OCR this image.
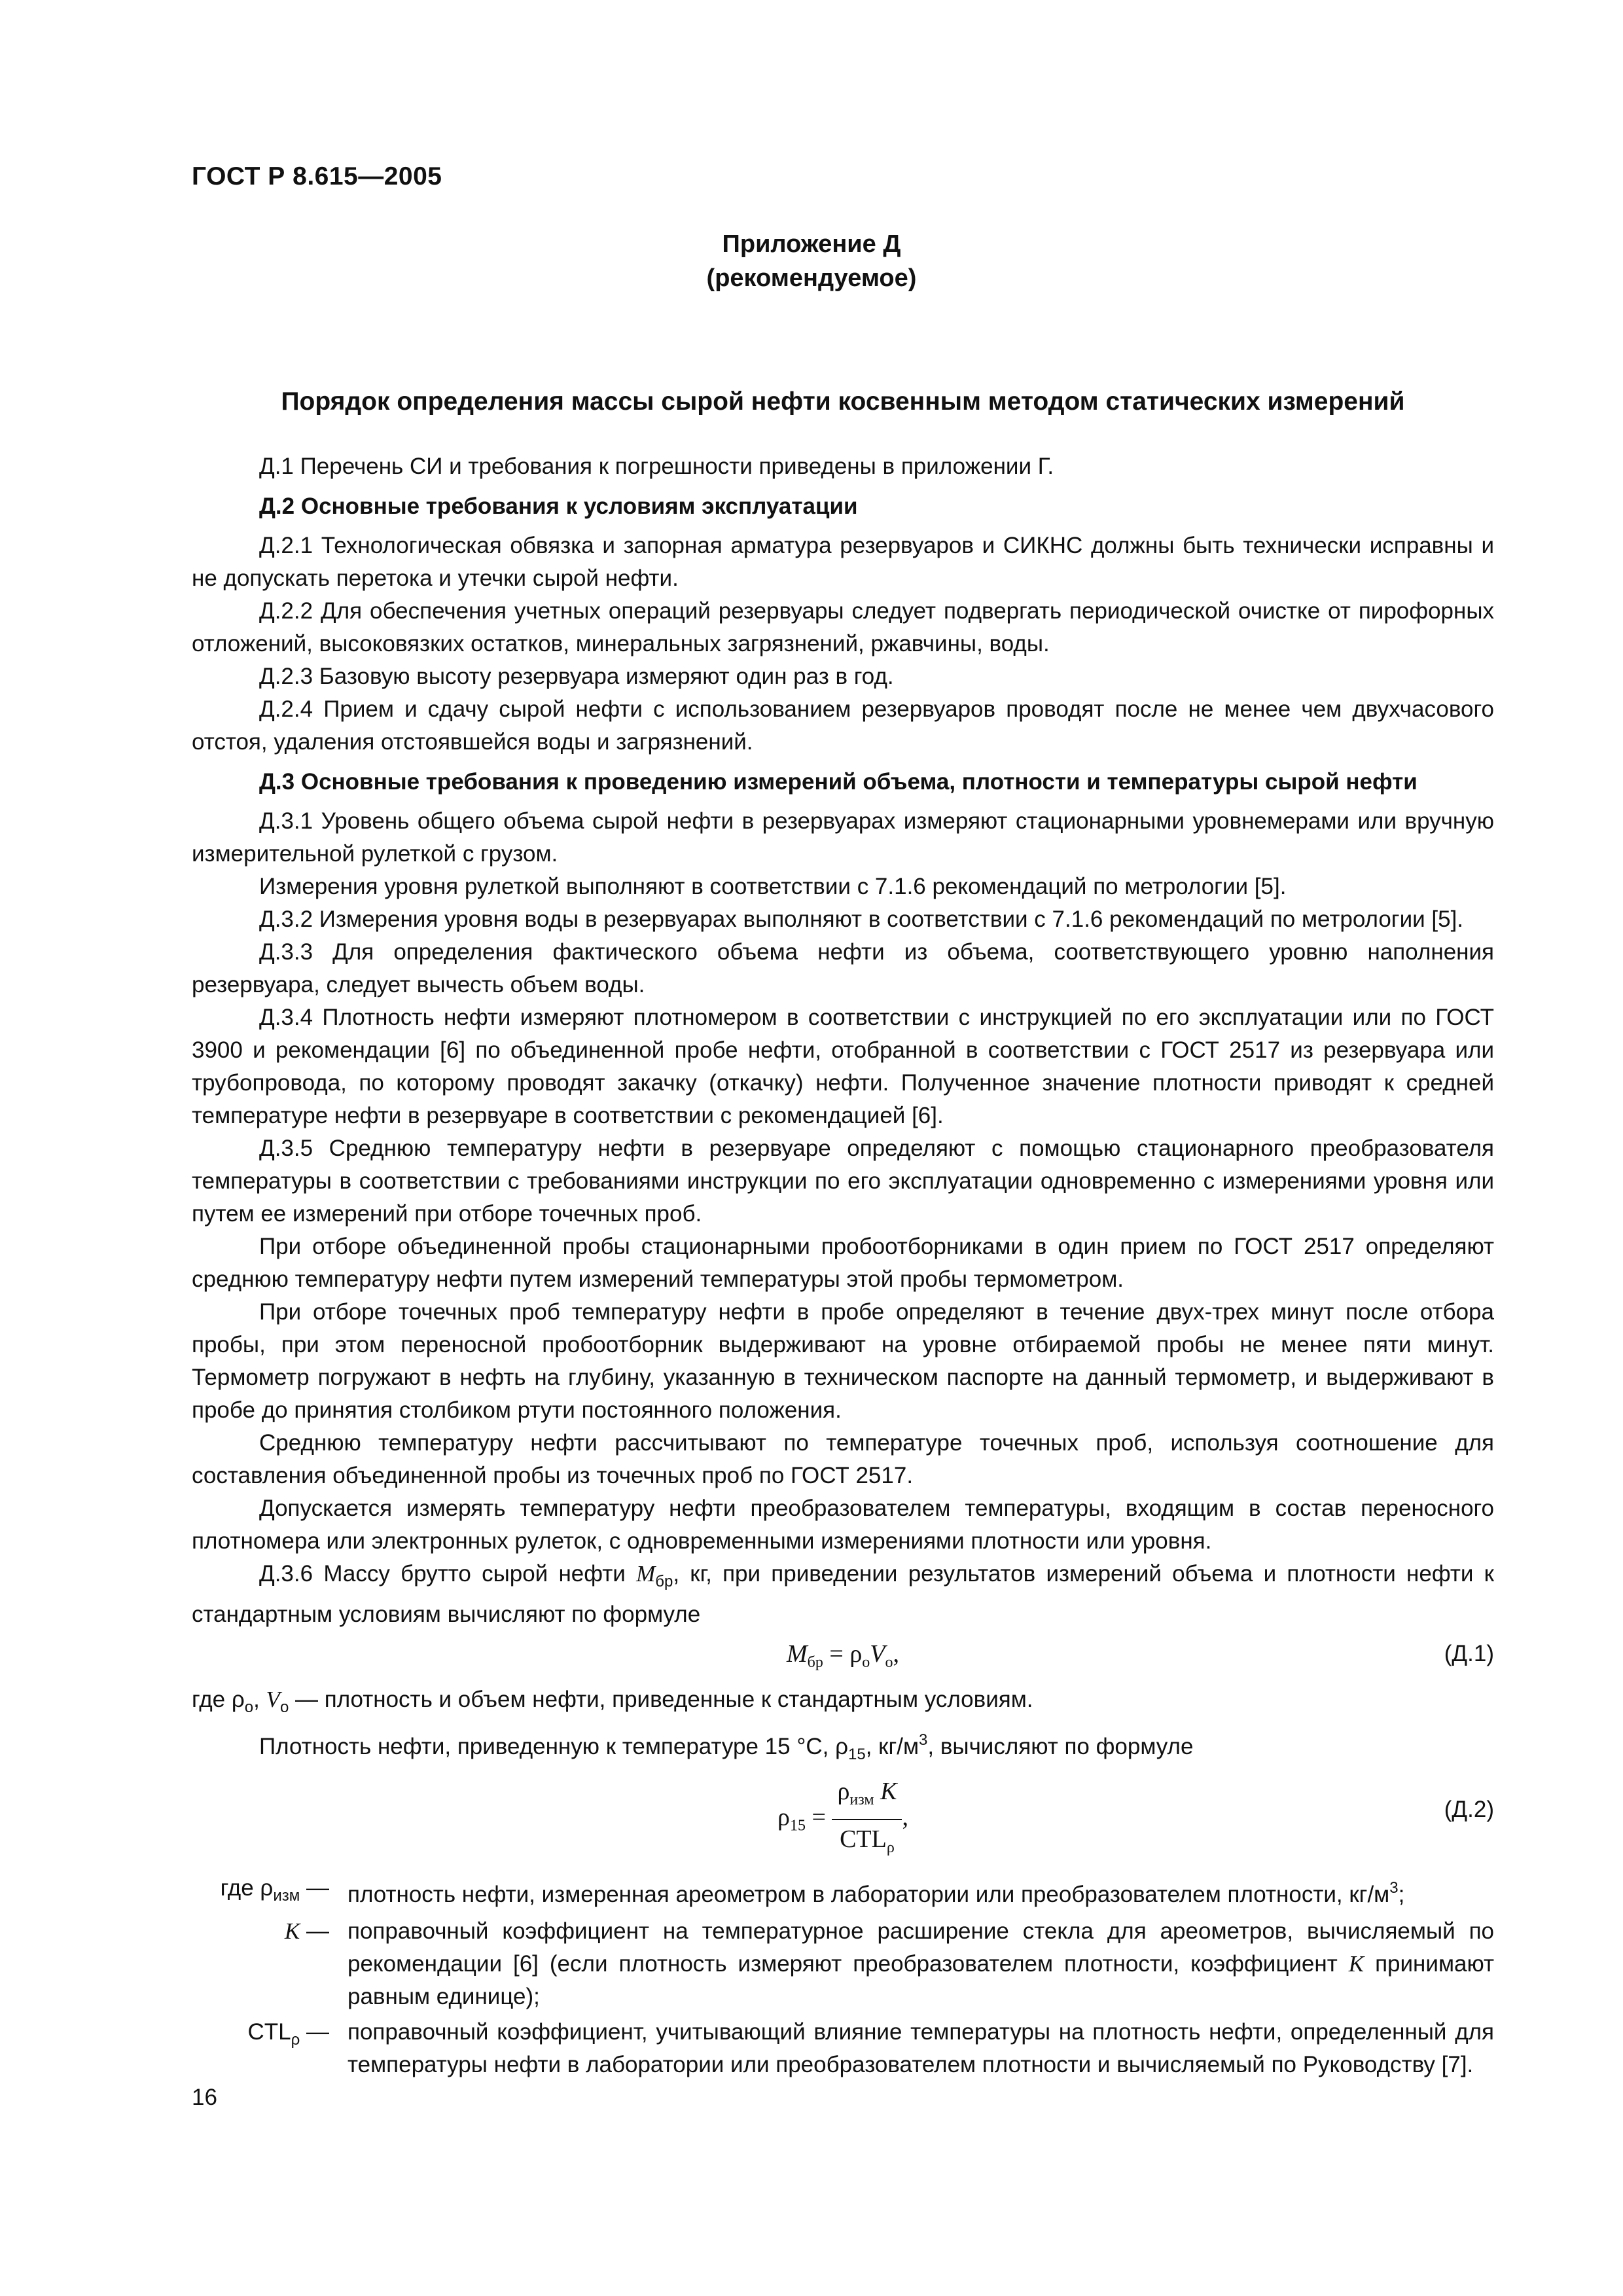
ГОСТ Р 8.615—2005
Приложение Д
(рекомендуемое)
Порядок определения массы сырой нефти косвенным методом статических измерений

Д.1 Перечень СИ и требования к погрешности приведены в приложении Г.

Д.2 Основные требования к условиям эксплуатации

Д.2.1 Технологическая обвязка и запорная арматура резервуаров и СИКНС должны быть технически исправны и не допускать перетока и утечки сырой нефти.

Д.2.2 Для обеспечения учетных операций резервуары следует подвергать периодической очистке от пирофорных отложений, высоковязких остатков, минеральных загрязнений, ржавчины, воды.

Д.2.3 Базовую высоту резервуара измеряют один раз в год.

Д.2.4 Прием и сдачу сырой нефти с использованием резервуаров проводят после не менее чем двухчасового отстоя, удаления отстоявшейся воды и загрязнений.

Д.3 Основные требования к проведению измерений объема, плотности и температуры сырой нефти

Д.3.1 Уровень общего объема сырой нефти в резервуарах измеряют стационарными уровнемерами или вручную измерительной рулеткой с грузом.

Измерения уровня рулеткой выполняют в соответствии с 7.1.6 рекомендаций по метрологии [5].

Д.3.2 Измерения уровня воды в резервуарах выполняют в соответствии с 7.1.6 рекомендаций по метрологии [5].

Д.3.3 Для определения фактического объема нефти из объема, соответствующего уровню наполнения резервуара, следует вычесть объем воды.

Д.3.4 Плотность нефти измеряют плотномером в соответствии с инструкцией по его эксплуатации или по ГОСТ 3900 и рекомендации [6] по объединенной пробе нефти, отобранной в соответствии с ГОСТ 2517 из резервуара или трубопровода, по которому проводят закачку (откачку) нефти. Полученное значение плотности приводят к средней температуре нефти в резервуаре в соответствии с рекомендацией [6].

Д.3.5 Среднюю температуру нефти в резервуаре определяют с помощью стационарного преобразователя температуры в соответствии с требованиями инструкции по его эксплуатации одновременно с измерениями уровня или путем ее измерений при отборе точечных проб.

При отборе объединенной пробы стационарными пробоотборниками в один прием по ГОСТ 2517 определяют среднюю температуру нефти путем измерений температуры этой пробы термометром.

При отборе точечных проб температуру нефти в пробе определяют в течение двух-трех минут после отбора пробы, при этом переносной пробоотборник выдерживают на уровне отбираемой пробы не менее пяти минут. Термометр погружают в нефть на глубину, указанную в техническом паспорте на данный термометр, и выдерживают в пробе до принятия столбиком ртути постоянного положения.

Среднюю температуру нефти рассчитывают по температуре точечных проб, используя соотношение для составления объединенной пробы из точечных проб по ГОСТ 2517.

Допускается измерять температуру нефти преобразователем температуры, входящим в состав переносного плотномера или электронных рулеток, с одновременными измерениями плотности или уровня.

Д.3.6 Массу брутто сырой нефти $M_{бр}$, кг, при приведении результатов измерений объема и плотности нефти к стандартным условиям вычисляют по формуле

$M_{бр} = \rho_oV_o$,	(Д.1)

где $\rho_o$, $V_o$ — плотность и объем нефти, приведенные к стандартным условиям.

Плотность нефти, приведенную к температуре 15 °С, $\rho_{15}$, $кг/м^3$, вычисляют по формуле

$\rho_{15} = \frac{\rho_{изм} K}{CTL_\rho}$ ,	(Д.2)
где $\rho_{изм}$ — плотность нефти, измеренная ареометром в лаборатории или преобразователем плотности, $кг/м^3$;
K — поправочный коэффициент на температурное расширение стекла для ареометров, вычисляемый по рекомендации [6] (если плотность измеряют преобразователем плотности, коэффициент K принимают равным единице);
$CTL_\rho$ — поправочный коэффициент, учитывающий влияние температуры на плотность нефти, определенный для температуры нефти в лаборатории или преобразователем плотности и вычисляемый по Руководству [7].
16
